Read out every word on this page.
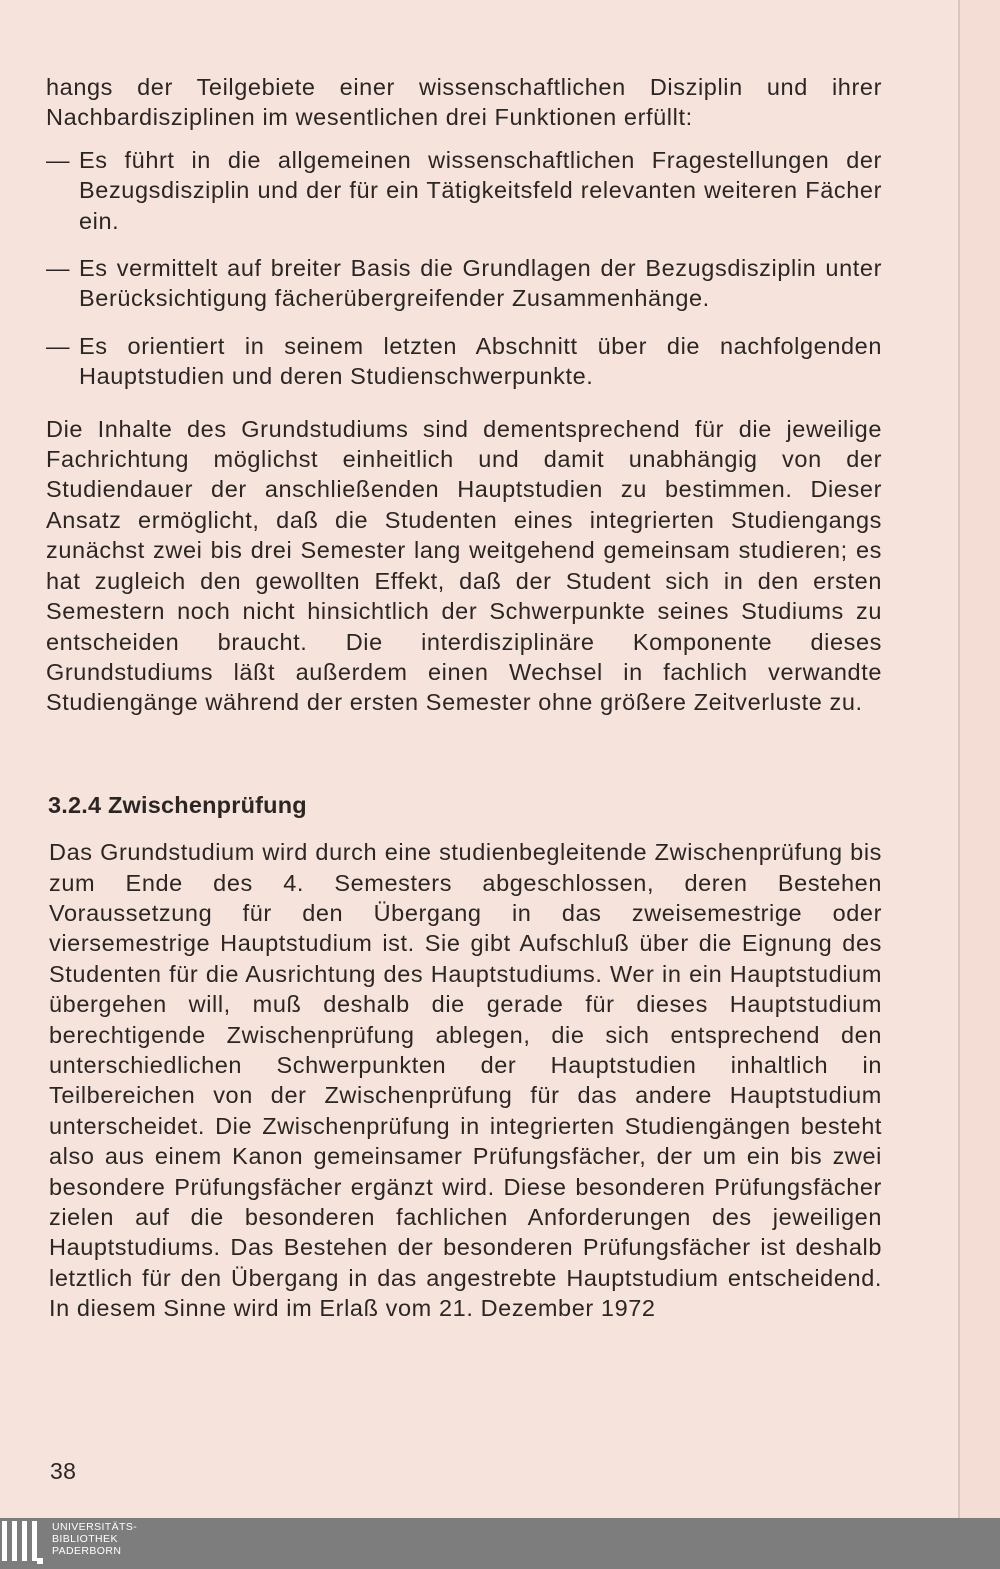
hangs der Teilgebiete einer wissenschaftlichen Disziplin und ihrer Nachbardisziplinen im wesentlichen drei Funktionen erfüllt:

— Es führt in die allgemeinen wissenschaftlichen Fragestellungen der Bezugsdisziplin und der für ein Tätigkeitsfeld relevanten weiteren Fächer ein.

— Es vermittelt auf breiter Basis die Grundlagen der Bezugsdisziplin unter Berücksichtigung fächerübergreifender Zusammenhänge.

— Es orientiert in seinem letzten Abschnitt über die nachfolgenden Hauptstudien und deren Studienschwerpunkte.

Die Inhalte des Grundstudiums sind dementsprechend für die jeweilige Fachrichtung möglichst einheitlich und damit unabhängig von der Studiendauer der anschließenden Hauptstudien zu bestimmen. Dieser Ansatz ermöglicht, daß die Studenten eines integrierten Studiengangs zunächst zwei bis drei Semester lang weitgehend gemeinsam studieren; es hat zugleich den gewollten Effekt, daß der Student sich in den ersten Semestern noch nicht hinsichtlich der Schwerpunkte seines Studiums zu entscheiden braucht. Die interdisziplinäre Komponente dieses Grundstudiums läßt außerdem einen Wechsel in fachlich verwandte Studiengänge während der ersten Semester ohne größere Zeitverluste zu.

3.2.4 Zwischenprüfung

Das Grundstudium wird durch eine studienbegleitende Zwischenprüfung bis zum Ende des 4. Semesters abgeschlossen, deren Bestehen Voraussetzung für den Übergang in das zweisemestrige oder viersemestrige Hauptstudium ist. Sie gibt Aufschluß über die Eignung des Studenten für die Ausrichtung des Hauptstudiums. Wer in ein Hauptstudium übergehen will, muß deshalb die gerade für dieses Hauptstudium berechtigende Zwischenprüfung ablegen, die sich entsprechend den unterschiedlichen Schwerpunkten der Hauptstudien inhaltlich in Teilbereichen von der Zwischenprüfung für das andere Hauptstudium unterscheidet. Die Zwischenprüfung in integrierten Studiengängen besteht also aus einem Kanon gemeinsamer Prüfungsfächer, der um ein bis zwei besondere Prüfungsfächer ergänzt wird. Diese besonderen Prüfungsfächer zielen auf die besonderen fachlichen Anforderungen des jeweiligen Hauptstudiums. Das Bestehen der besonderen Prüfungsfächer ist deshalb letztlich für den Übergang in das angestrebte Hauptstudium entscheidend. In diesem Sinne wird im Erlaß vom 21. Dezember 1972

38
UNIVERSITÄTS-
BIBLIOTHEK
PADERBORN
